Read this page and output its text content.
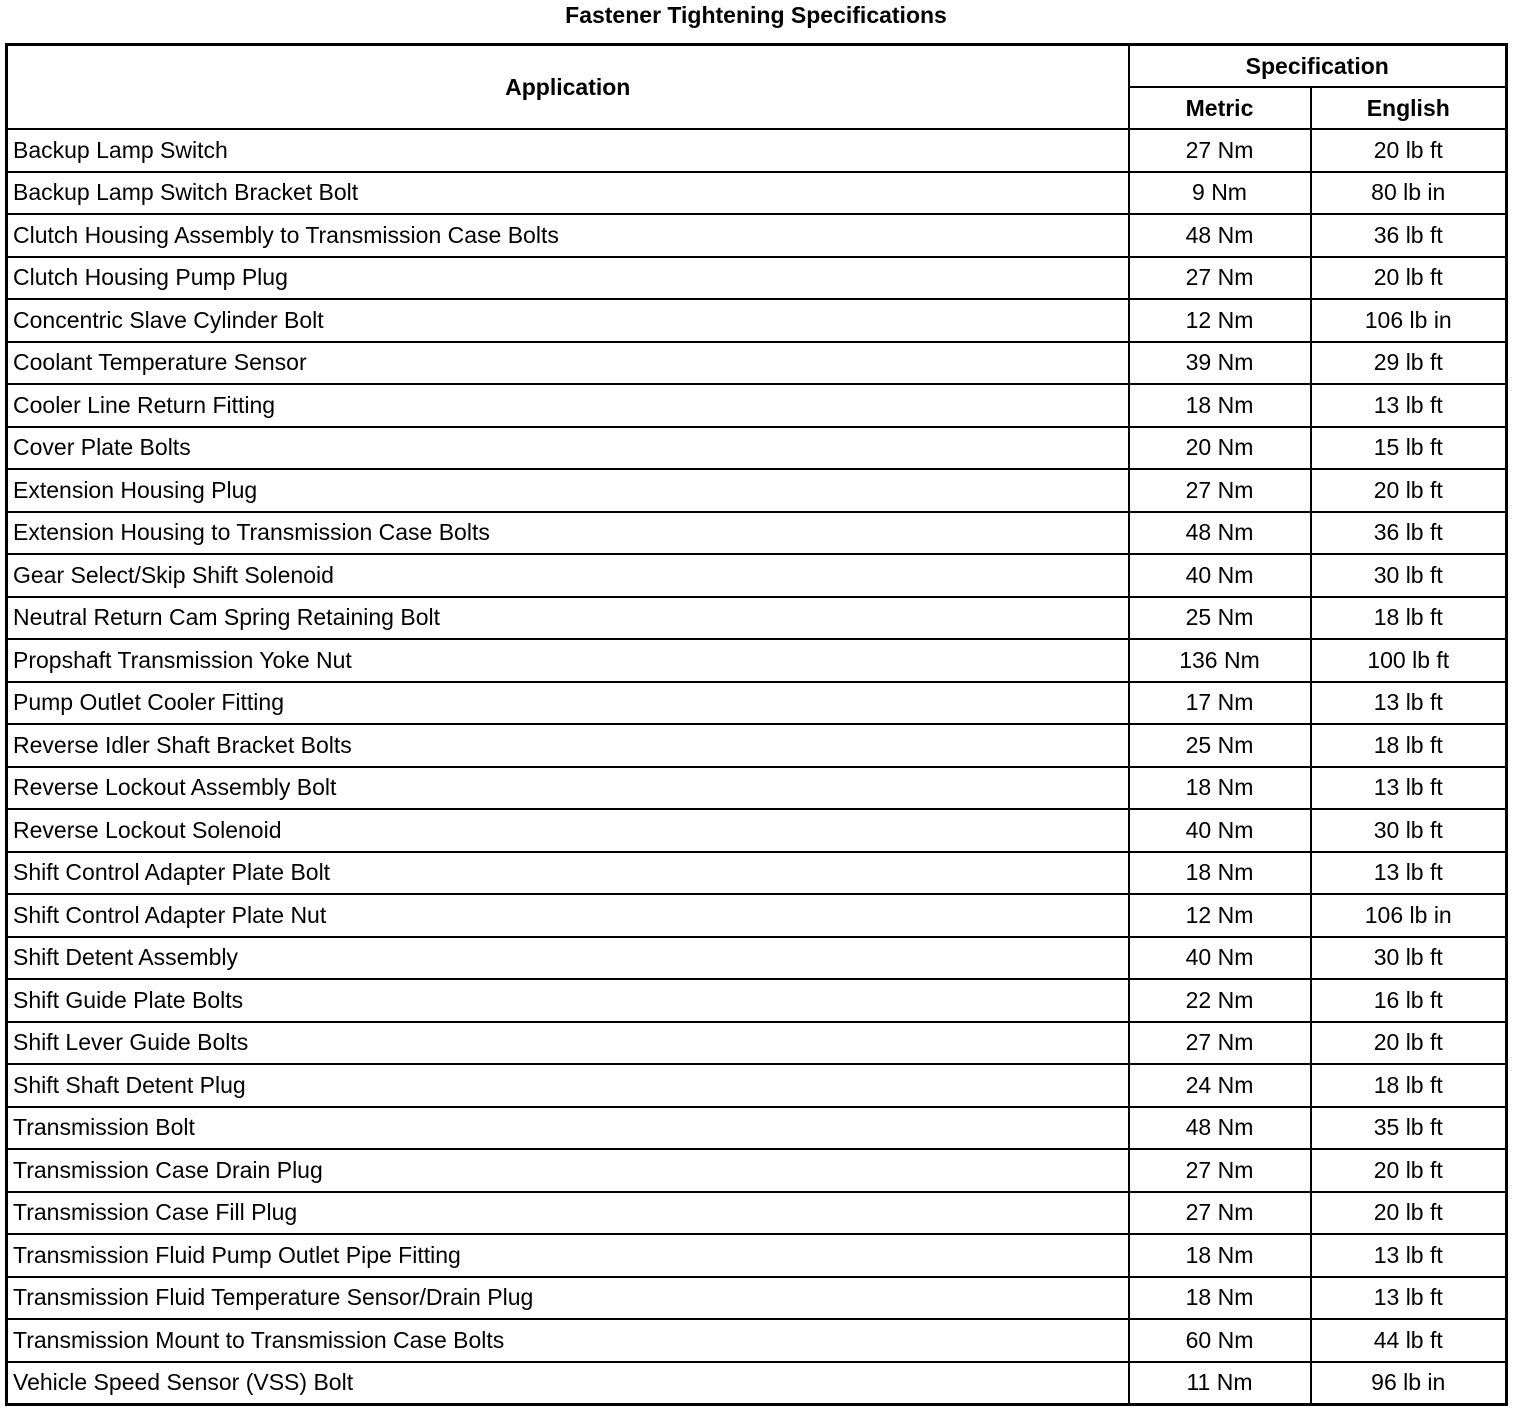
Fastener Tightening Specifications
Application	Specification	
	Metric	English
Backup Lamp Switch	27 Nm	20 lb ft
Backup Lamp Switch Bracket Bolt	9 Nm	80 lb in
Clutch Housing Assembly to Transmission Case Bolts	48 Nm	36 lb ft
Clutch Housing Pump Plug	27 Nm	20 lb ft
Concentric Slave Cylinder Bolt	12 Nm	106 lb in
Coolant Temperature Sensor	39 Nm	29 lb ft
Cooler Line Return Fitting	18 Nm	13 lb ft
Cover Plate Bolts	20 Nm	15 lb ft
Extension Housing Plug	27 Nm	20 lb ft
Extension Housing to Transmission Case Bolts	48 Nm	36 lb ft
Gear Select/Skip Shift Solenoid	40 Nm	30 lb ft
Neutral Return Cam Spring Retaining Bolt	25 Nm	18 lb ft
Propshaft Transmission Yoke Nut	136 Nm	100 lb ft
Pump Outlet Cooler Fitting	17 Nm	13 lb ft
Reverse Idler Shaft Bracket Bolts	25 Nm	18 lb ft
Reverse Lockout Assembly Bolt	18 Nm	13 lb ft
Reverse Lockout Solenoid	40 Nm	30 lb ft
Shift Control Adapter Plate Bolt	18 Nm	13 lb ft
Shift Control Adapter Plate Nut	12 Nm	106 lb in
Shift Detent Assembly	40 Nm	30 lb ft
Shift Guide Plate Bolts	22 Nm	16 lb ft
Shift Lever Guide Bolts	27 Nm	20 lb ft
Shift Shaft Detent Plug	24 Nm	18 lb ft
Transmission Bolt	48 Nm	35 lb ft
Transmission Case Drain Plug	27 Nm	20 lb ft
Transmission Case Fill Plug	27 Nm	20 lb ft
Transmission Fluid Pump Outlet Pipe Fitting	18 Nm	13 lb ft
Transmission Fluid Temperature Sensor/Drain Plug	18 Nm	13 lb ft
Transmission Mount to Transmission Case Bolts	60 Nm	44 lb ft
Vehicle Speed Sensor (VSS) Bolt	11 Nm	96 lb in
